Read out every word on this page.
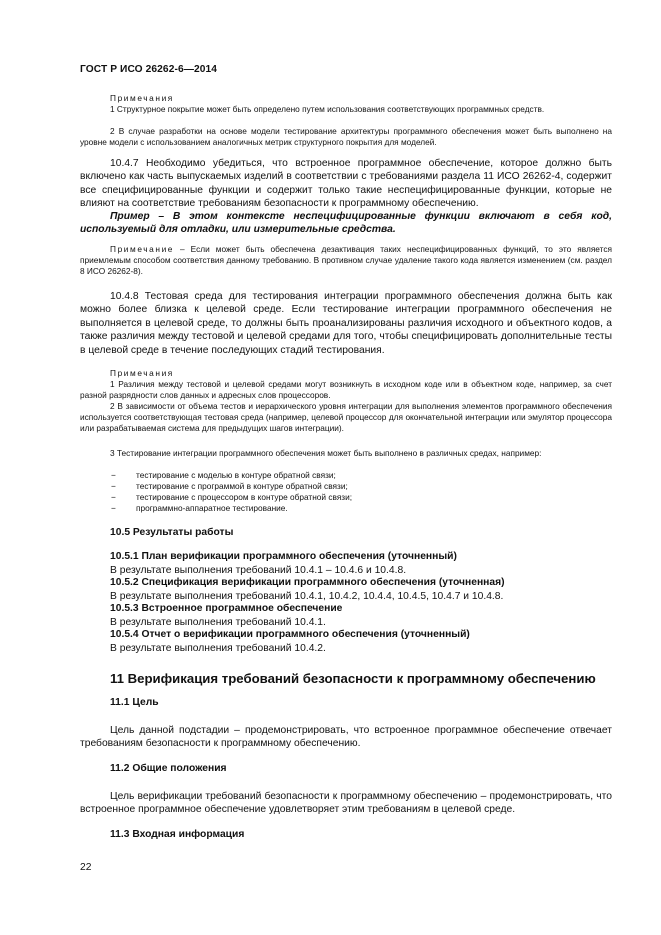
ГОСТ Р ИСО 26262-6—2014

Примечания

1 Структурное покрытие может быть определено путем использования соответствующих программных средств.

2 В случае разработки на основе модели тестирование архитектуры программного обеспечения может быть выполнено на уровне модели с использованием аналогичных метрик структурного покрытия для моделей.

10.4.7 Необходимо убедиться, что встроенное программное обеспечение, которое должно быть включено как часть выпускаемых изделий в соответствии с требованиями раздела 11 ИСО 26262-4, содержит все специфицированные функции и содержит только такие неспецифицированные функции, которые не влияют на соответствие требованиям безопасности к программному обеспечению.

Пример – В этом контексте неспецифицированные функции включают в себя код, используемый для отладки, или измерительные средства.

Примечание – Если может быть обеспечена дезактивация таких неспецифицированных функций, то это является приемлемым способом соответствия данному требованию. В противном случае удаление такого кода является изменением (см. раздел 8 ИСО 26262-8).

10.4.8 Тестовая среда для тестирования интеграции программного обеспечения должна быть как можно более близка к целевой среде. Если тестирование интеграции программного обеспечения не выполняется в целевой среде, то должны быть проанализированы различия исходного и объектного кодов, а также различия между тестовой и целевой средами для того, чтобы специфицировать дополнительные тесты в целевой среде в течение последующих стадий тестирования.

Примечания

1 Различия между тестовой и целевой средами могут возникнуть в исходном коде или в объектном коде, например, за счет разной разрядности слов данных и адресных слов процессоров.

2 В зависимости от объема тестов и иерархического уровня интеграции для выполнения элементов программного обеспечения используется соответствующая тестовая среда (например, целевой процессор для окончательной интеграции или эмулятор процессора или разрабатываемая система для предыдущих шагов интеграции).

3 Тестирование интеграции программного обеспечения может быть выполнено в различных средах, например:

− тестирование с моделью в контуре обратной связи;
− тестирование с программой в контуре обратной связи;
− тестирование с процессором в контуре обратной связи;
− программно-аппаратное тестирование.

10.5 Результаты работы

10.5.1 План верификации программного обеспечения (уточненный)

В результате выполнения требований 10.4.1 – 10.4.6 и 10.4.8.

10.5.2 Спецификация верификации программного обеспечения (уточненная)

В результате выполнения требований 10.4.1, 10.4.2, 10.4.4, 10.4.5, 10.4.7 и 10.4.8.

10.5.3 Встроенное программное обеспечение

В результате выполнения требований 10.4.1.

10.5.4 Отчет о верификации программного обеспечения (уточненный)

В результате выполнения требований 10.4.2.

11 Верификация требований безопасности к программному обеспечению

11.1 Цель

Цель данной подстадии – продемонстрировать, что встроенное программное обеспечение отвечает требованиям безопасности к программному обеспечению.

11.2 Общие положения

Цель верификации требований безопасности к программному обеспечению – продемонстрировать, что встроенное программное обеспечение удовлетворяет этим требованиям в целевой среде.

11.3 Входная информация

22
